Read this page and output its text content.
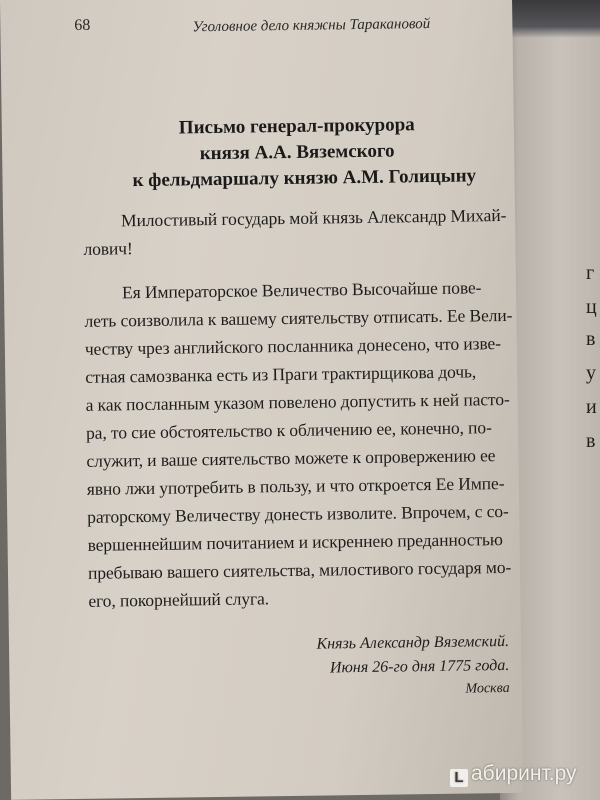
г
ц
в
у
и
в
68	Уголовное дело княжны Таракановой
Письмо генерал-прокурора
князя А.А. Вяземского
к фельдмаршалу князю А.М. Голицыну
Милостивый государь мой князь Александр Михай-
лович!
Ея Императорское Величество Высочайше пове-
леть соизволила к вашему сиятельству отписать. Ее Вели-
честву чрез английского посланника донесено, что изве-
стная самозванка есть из Праги трактирщикова дочь,
а как посланным указом повелено допустить к ней пасто-
ра, то сие обстоятельство к обличению ее, конечно, по-
служит, и ваше сиятельство можете к опровержению ее
явно лжи употребить в пользу, и что откроется Ее Импе-
раторскому Величеству донесть изволите. Впрочем, с со-
вершеннейшим почитанием и искреннею преданностью
пребываю вашего сиятельства, милостивого государя мо-
его, покорнейший слуга.
Князь Александр Вяземский.
Июня 26-го дня 1775 года.
Москва
L абиринт.ру
